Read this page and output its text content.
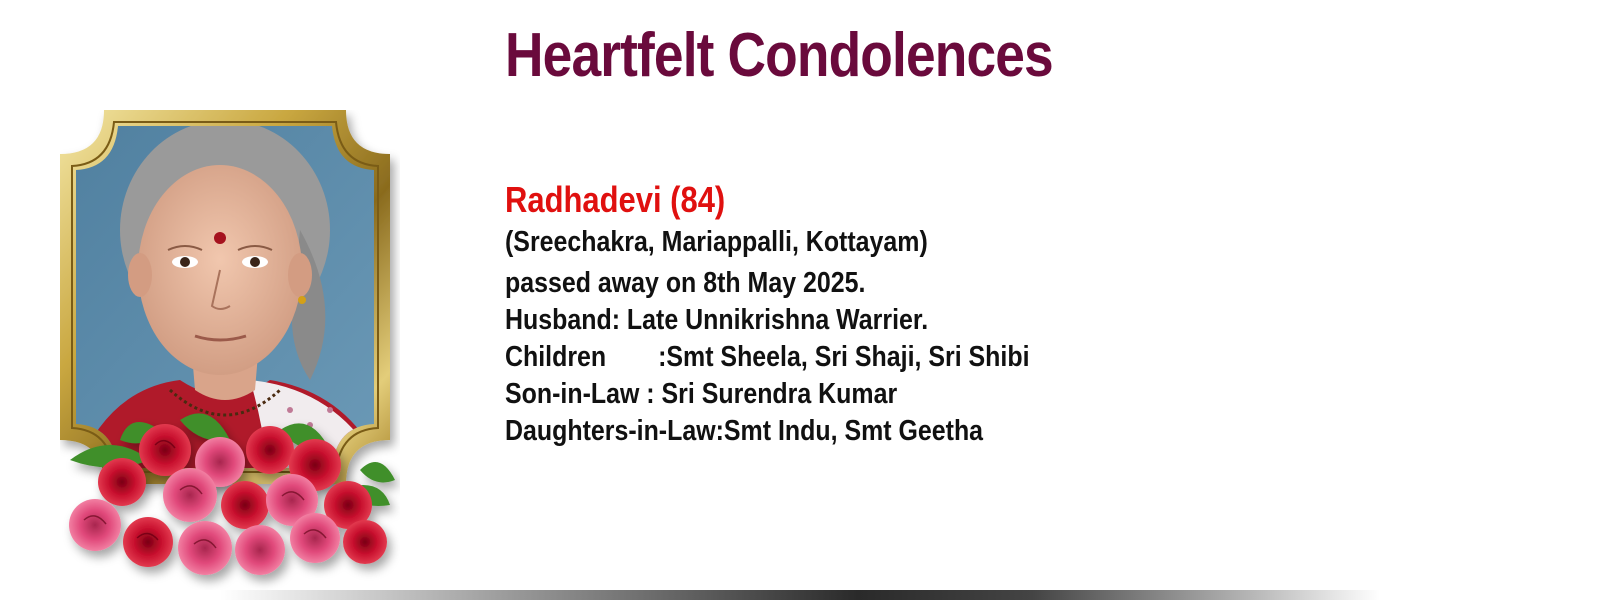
Heartfelt Condolences

Radhadevi (84)

(Sreechakra, Mariappalli, Kottayam)

passed away on 8th May 2025.

Husband: Late Unnikrishna Warrier.

Children :Smt Sheela, Sri Shaji, Sri Shibi

Son-in-Law : Sri Surendra Kumar

Daughters-in-Law:Smt Indu, Smt Geetha
